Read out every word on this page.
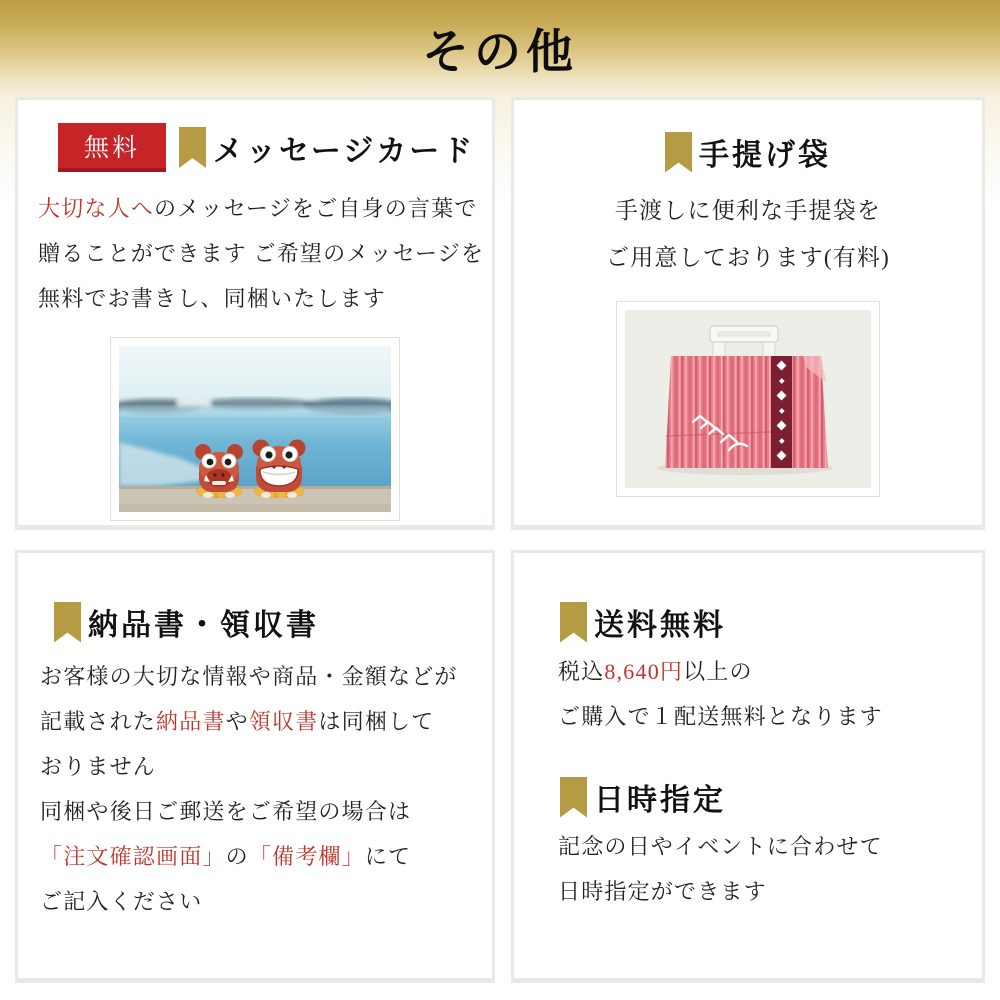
その他
無料	メッセージカード

大切な人へのメッセージをご自身の言葉で
贈ることができます ご希望のメッセージを
無料でお書きし、同梱いたします

手提げ袋

手渡しに便利な手提袋を
ご用意しております(有料)

納品書・領収書

お客様の大切な情報や商品・金額などが
記載された納品書や領収書は同梱して
おりません
同梱や後日ご郵送をご希望の場合は
「注文確認画面」の「備考欄」にて
ご記入ください

送料無料

税込8,640円以上の
ご購入で１配送無料となります

日時指定

記念の日やイベントに合わせて
日時指定ができます
